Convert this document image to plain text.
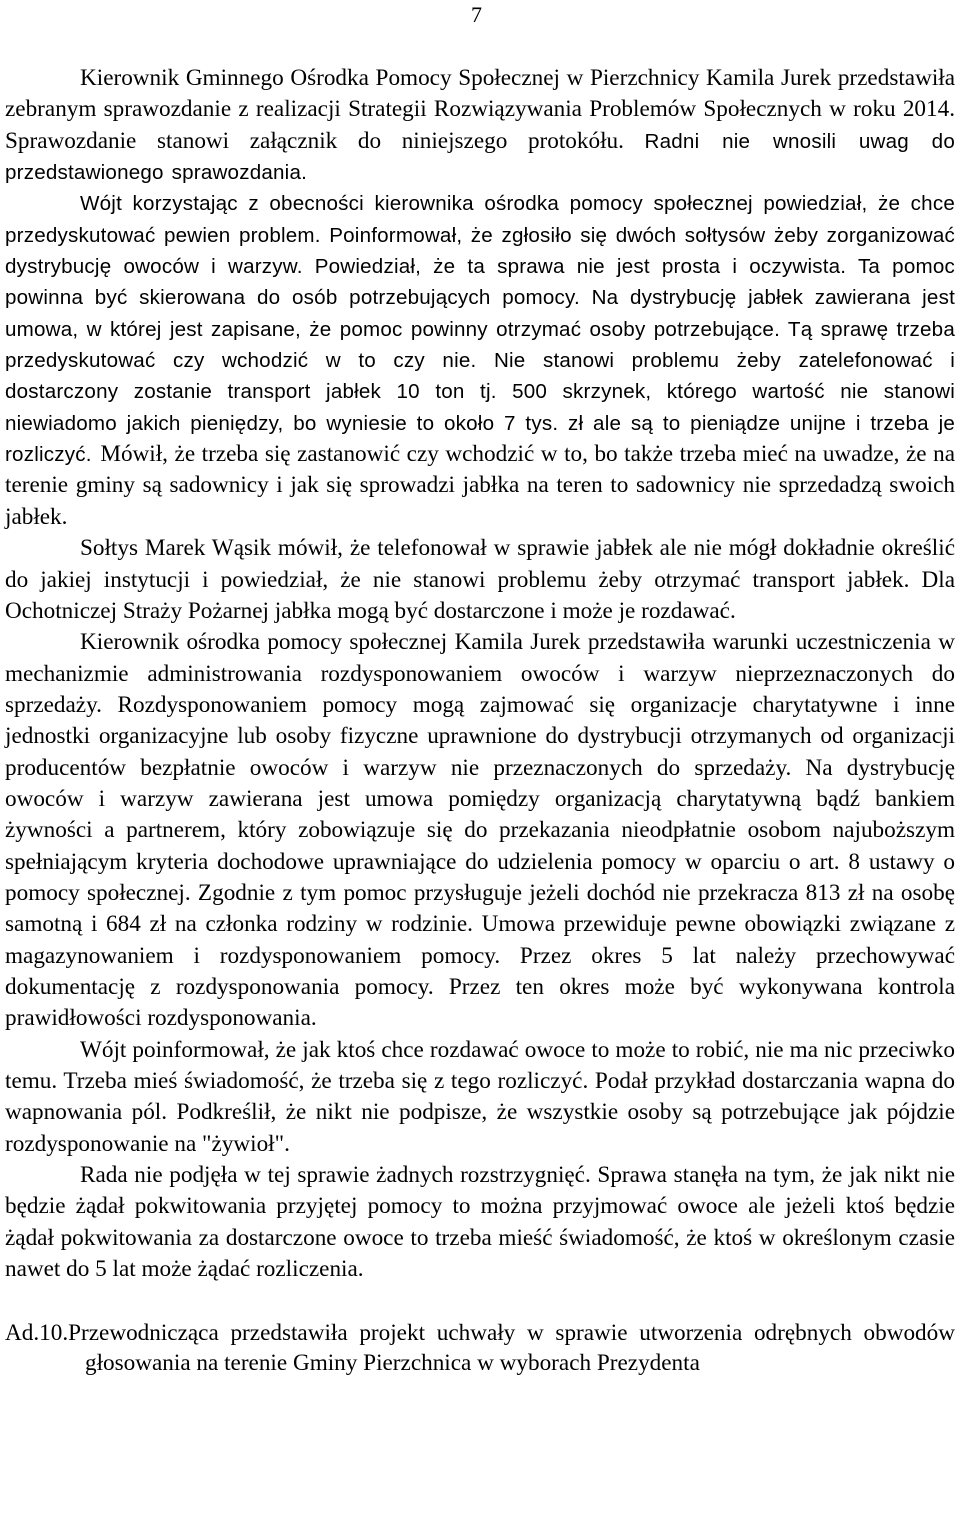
7

Kierownik Gminnego Ośrodka Pomocy Społecznej w Pierzchnicy Kamila Jurek przedstawiła zebranym sprawozdanie z realizacji Strategii Rozwiązywania Problemów Społecznych w roku 2014. Sprawozdanie stanowi załącznik do niniejszego protokółu. Radni nie wnosili uwag do przedstawionego sprawozdania.

Wójt korzystając z obecności kierownika ośrodka pomocy społecznej powiedział, że chce przedyskutować pewien problem. Poinformował, że zgłosiło się dwóch sołtysów żeby zorganizować dystrybucję owoców i warzyw. Powiedział, że ta sprawa nie jest prosta i oczywista. Ta pomoc powinna być skierowana do osób potrzebujących pomocy. Na dystrybucję jabłek zawierana jest umowa, w której jest zapisane, że pomoc powinny otrzymać osoby potrzebujące. Tą sprawę trzeba przedyskutować czy wchodzić w to czy nie. Nie stanowi problemu żeby zatelefonować i dostarczony zostanie transport jabłek 10 ton tj. 500 skrzynek, którego wartość nie stanowi niewiadomo jakich pieniędzy, bo wyniesie to około 7 tys. zł ale są to pieniądze unijne i trzeba je rozliczyć. Mówił, że trzeba się zastanowić czy wchodzić w to, bo także trzeba mieć na uwadze, że na terenie gminy są sadownicy i jak się sprowadzi jabłka na teren to sadownicy nie sprzedadzą swoich jabłek.

Sołtys Marek Wąsik mówił, że telefonował w sprawie jabłek ale nie mógł dokładnie określić do jakiej instytucji i powiedział, że nie stanowi problemu żeby otrzymać transport jabłek. Dla Ochotniczej Straży Pożarnej jabłka mogą być dostarczone i może je rozdawać.

Kierownik ośrodka pomocy społecznej Kamila Jurek przedstawiła warunki uczestniczenia w mechanizmie administrowania rozdysponowaniem owoców i warzyw nieprzeznaczonych do sprzedaży. Rozdysponowaniem pomocy mogą zajmować się organizacje charytatywne i inne jednostki organizacyjne lub osoby fizyczne uprawnione do dystrybucji otrzymanych od organizacji producentów bezpłatnie owoców i warzyw nie przeznaczonych do sprzedaży. Na dystrybucję owoców i warzyw zawierana jest umowa pomiędzy organizacją charytatywną bądź bankiem żywności a partnerem, który zobowiązuje się do przekazania nieodpłatnie osobom najuboższym spełniającym kryteria dochodowe uprawniające do udzielenia pomocy w oparciu o art. 8 ustawy o pomocy społecznej. Zgodnie z tym pomoc przysługuje jeżeli dochód nie przekracza 813 zł na osobę samotną i 684 zł na członka rodziny w rodzinie. Umowa przewiduje pewne obowiązki związane z magazynowaniem i rozdysponowaniem pomocy. Przez okres 5 lat należy przechowywać dokumentację z rozdysponowania pomocy. Przez ten okres może być wykonywana kontrola prawidłowości rozdysponowania.

Wójt poinformował, że jak ktoś chce rozdawać owoce to może to robić, nie ma nic przeciwko temu. Trzeba mieś świadomość, że trzeba się z tego rozliczyć. Podał przykład dostarczania wapna do wapnowania pól. Podkreślił, że nikt nie podpisze, że wszystkie osoby są potrzebujące jak pójdzie rozdysponowanie na "żywioł".

Rada nie podjęła w tej sprawie żadnych rozstrzygnięć. Sprawa stanęła na tym, że jak nikt nie będzie żądał pokwitowania przyjętej pomocy to można przyjmować owoce ale jeżeli ktoś będzie żądał pokwitowania za dostarczone owoce to trzeba mieść świadomość, że ktoś w określonym czasie nawet do 5 lat może żądać rozliczenia.

Ad.10.Przewodnicząca przedstawiła projekt uchwały w sprawie utworzenia odrębnych obwodów głosowania na terenie Gminy Pierzchnica w wyborach Prezydenta
